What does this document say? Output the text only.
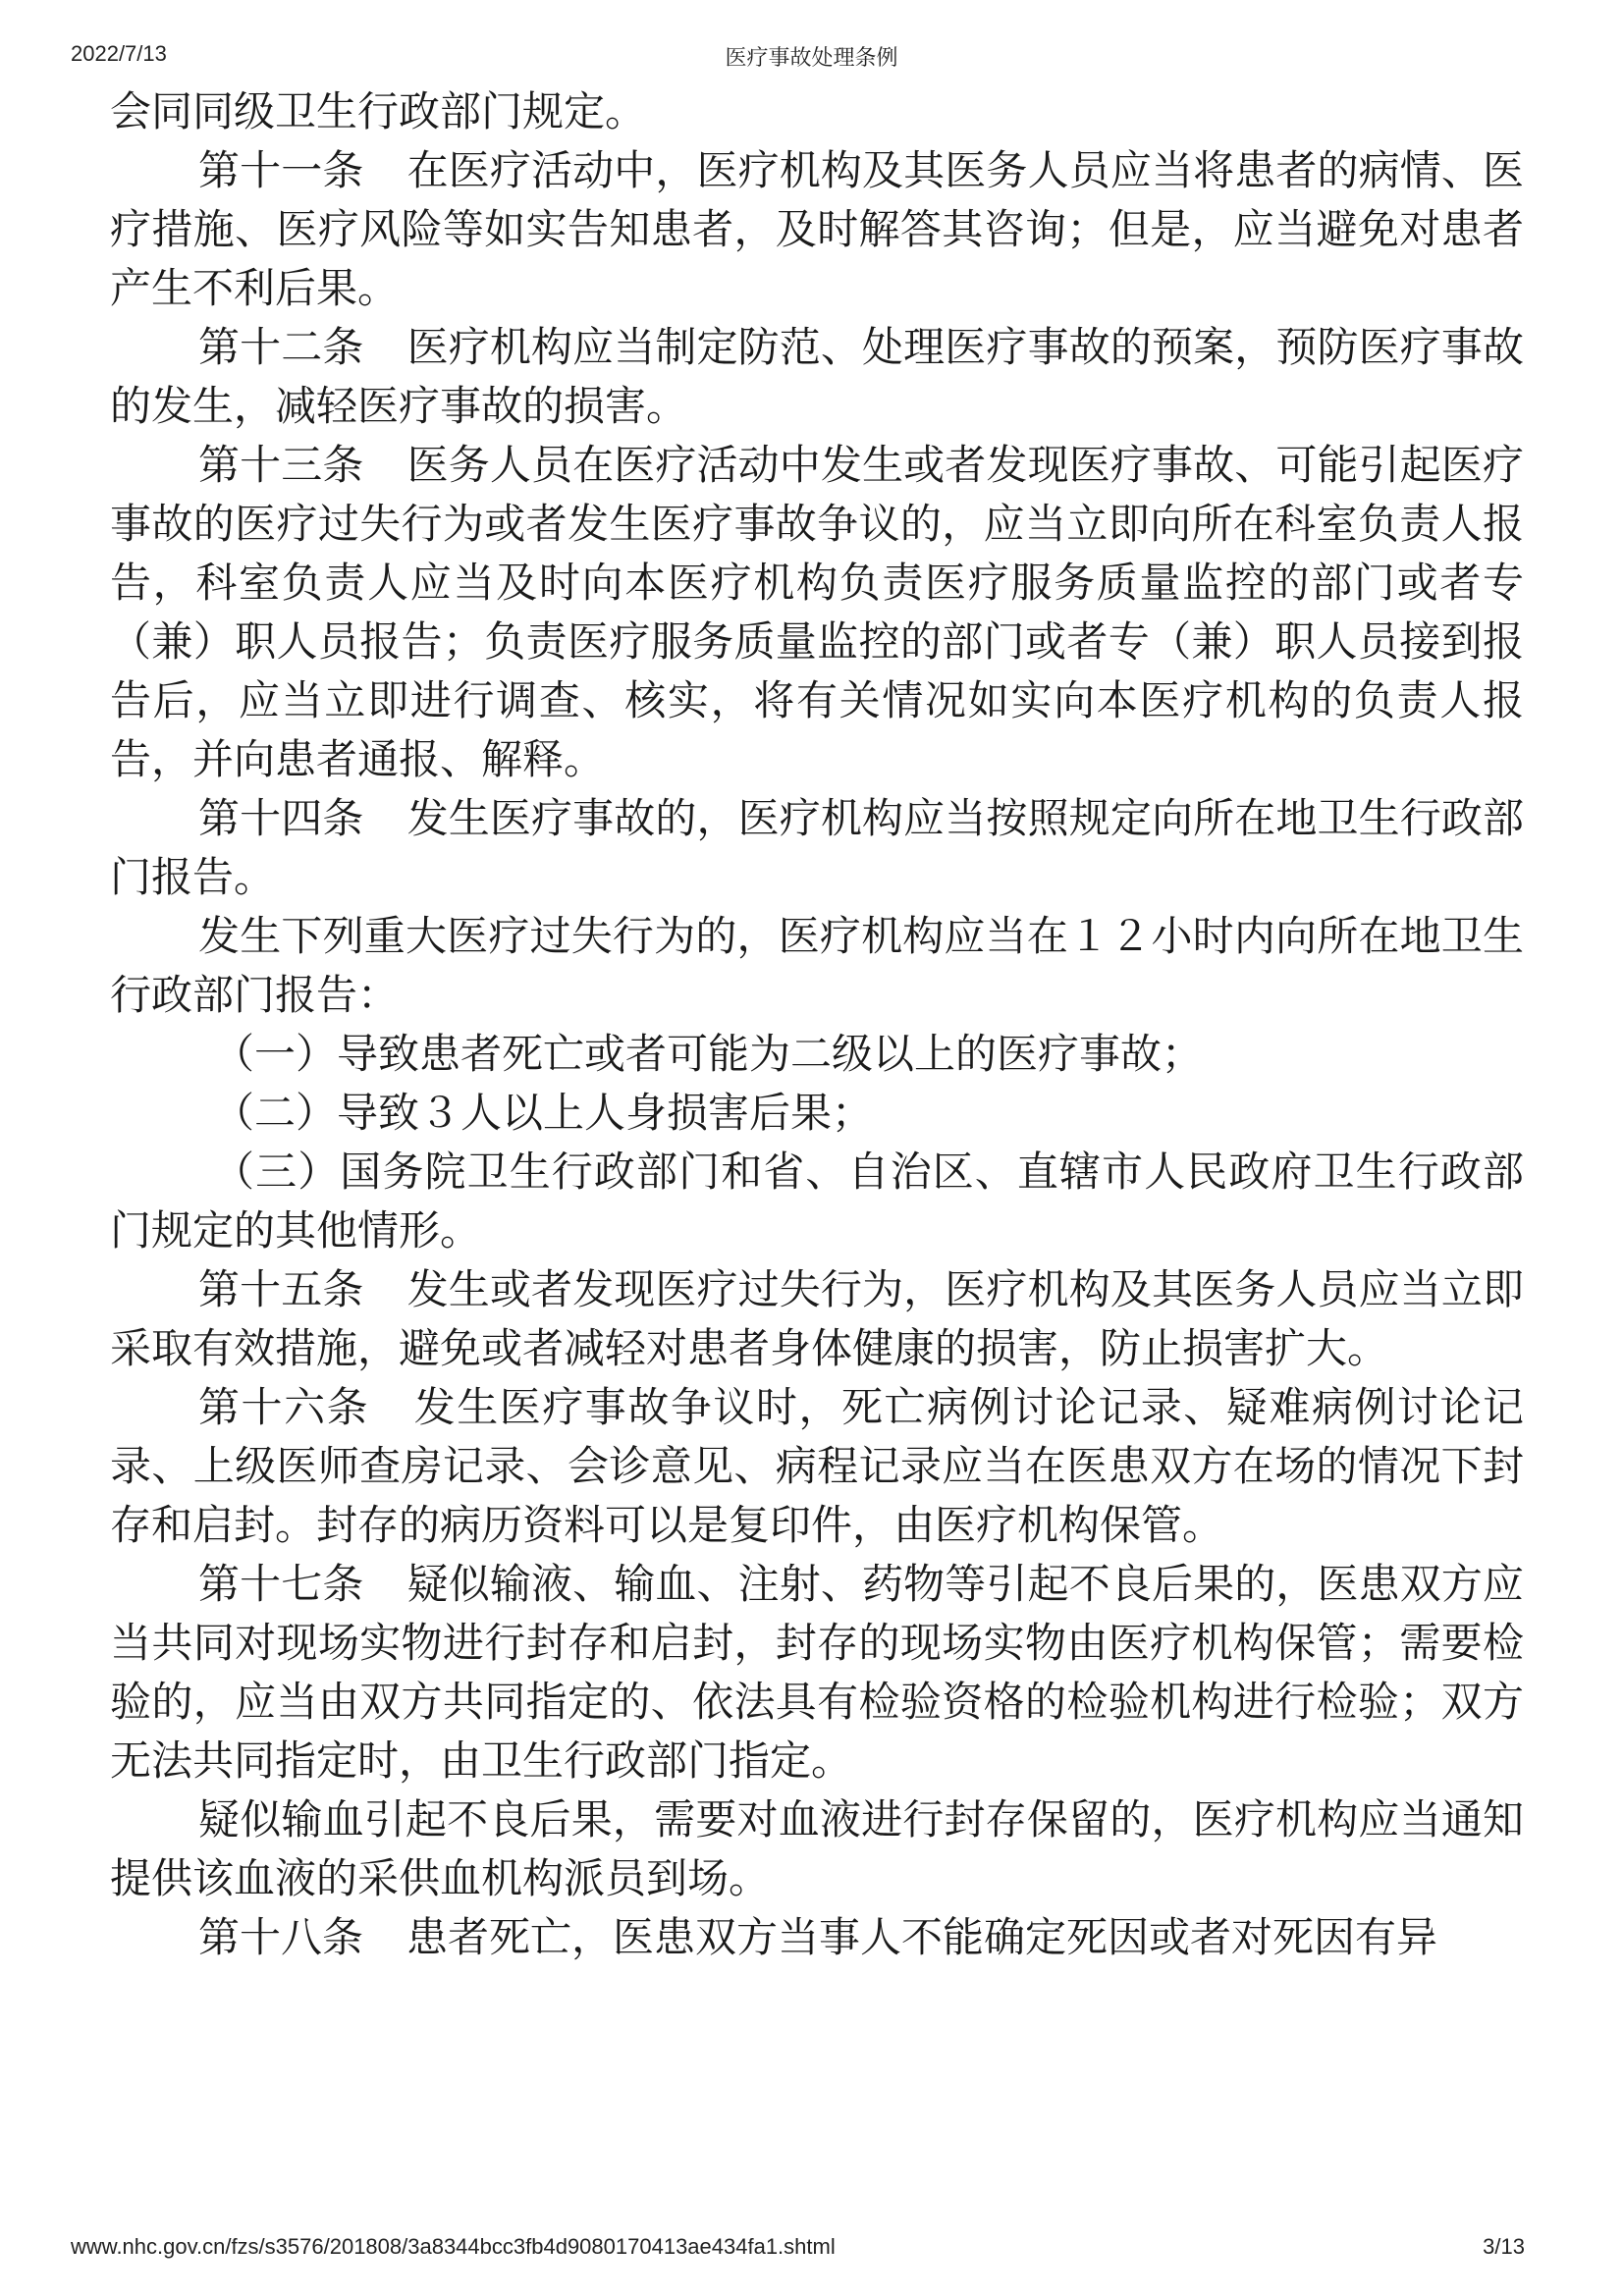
2022/7/13	医疗事故处理条例

会同同级卫生行政部门规定。

第十一条 在医疗活动中，医疗机构及其医务人员应当将患者的病情、医疗措施、医疗风险等如实告知患者，及时解答其咨询；但是，应当避免对患者产生不利后果。

第十二条 医疗机构应当制定防范、处理医疗事故的预案，预防医疗事故的发生，减轻医疗事故的损害。

第十三条 医务人员在医疗活动中发生或者发现医疗事故、可能引起医疗事故的医疗过失行为或者发生医疗事故争议的，应当立即向所在科室负责人报告，科室负责人应当及时向本医疗机构负责医疗服务质量监控的部门或者专（兼）职人员报告；负责医疗服务质量监控的部门或者专（兼）职人员接到报告后，应当立即进行调查、核实，将有关情况如实向本医疗机构的负责人报告，并向患者通报、解释。

第十四条 发生医疗事故的，医疗机构应当按照规定向所在地卫生行政部门报告。

发生下列重大医疗过失行为的，医疗机构应当在１２小时内向所在地卫生行政部门报告：

（一）导致患者死亡或者可能为二级以上的医疗事故；

（二）导致３人以上人身损害后果；

（三）国务院卫生行政部门和省、自治区、直辖市人民政府卫生行政部门规定的其他情形。

第十五条 发生或者发现医疗过失行为，医疗机构及其医务人员应当立即采取有效措施，避免或者减轻对患者身体健康的损害，防止损害扩大。

第十六条 发生医疗事故争议时，死亡病例讨论记录、疑难病例讨论记录、上级医师查房记录、会诊意见、病程记录应当在医患双方在场的情况下封存和启封。封存的病历资料可以是复印件，由医疗机构保管。

第十七条 疑似输液、输血、注射、药物等引起不良后果的，医患双方应当共同对现场实物进行封存和启封，封存的现场实物由医疗机构保管；需要检验的，应当由双方共同指定的、依法具有检验资格的检验机构进行检验；双方无法共同指定时，由卫生行政部门指定。

疑似输血引起不良后果，需要对血液进行封存保留的，医疗机构应当通知提供该血液的采供血机构派员到场。

第十八条 患者死亡，医患双方当事人不能确定死因或者对死因有异

www.nhc.gov.cn/fzs/s3576/201808/3a8344bcc3fb4d9080170413ae434fa1.shtml	3/13
